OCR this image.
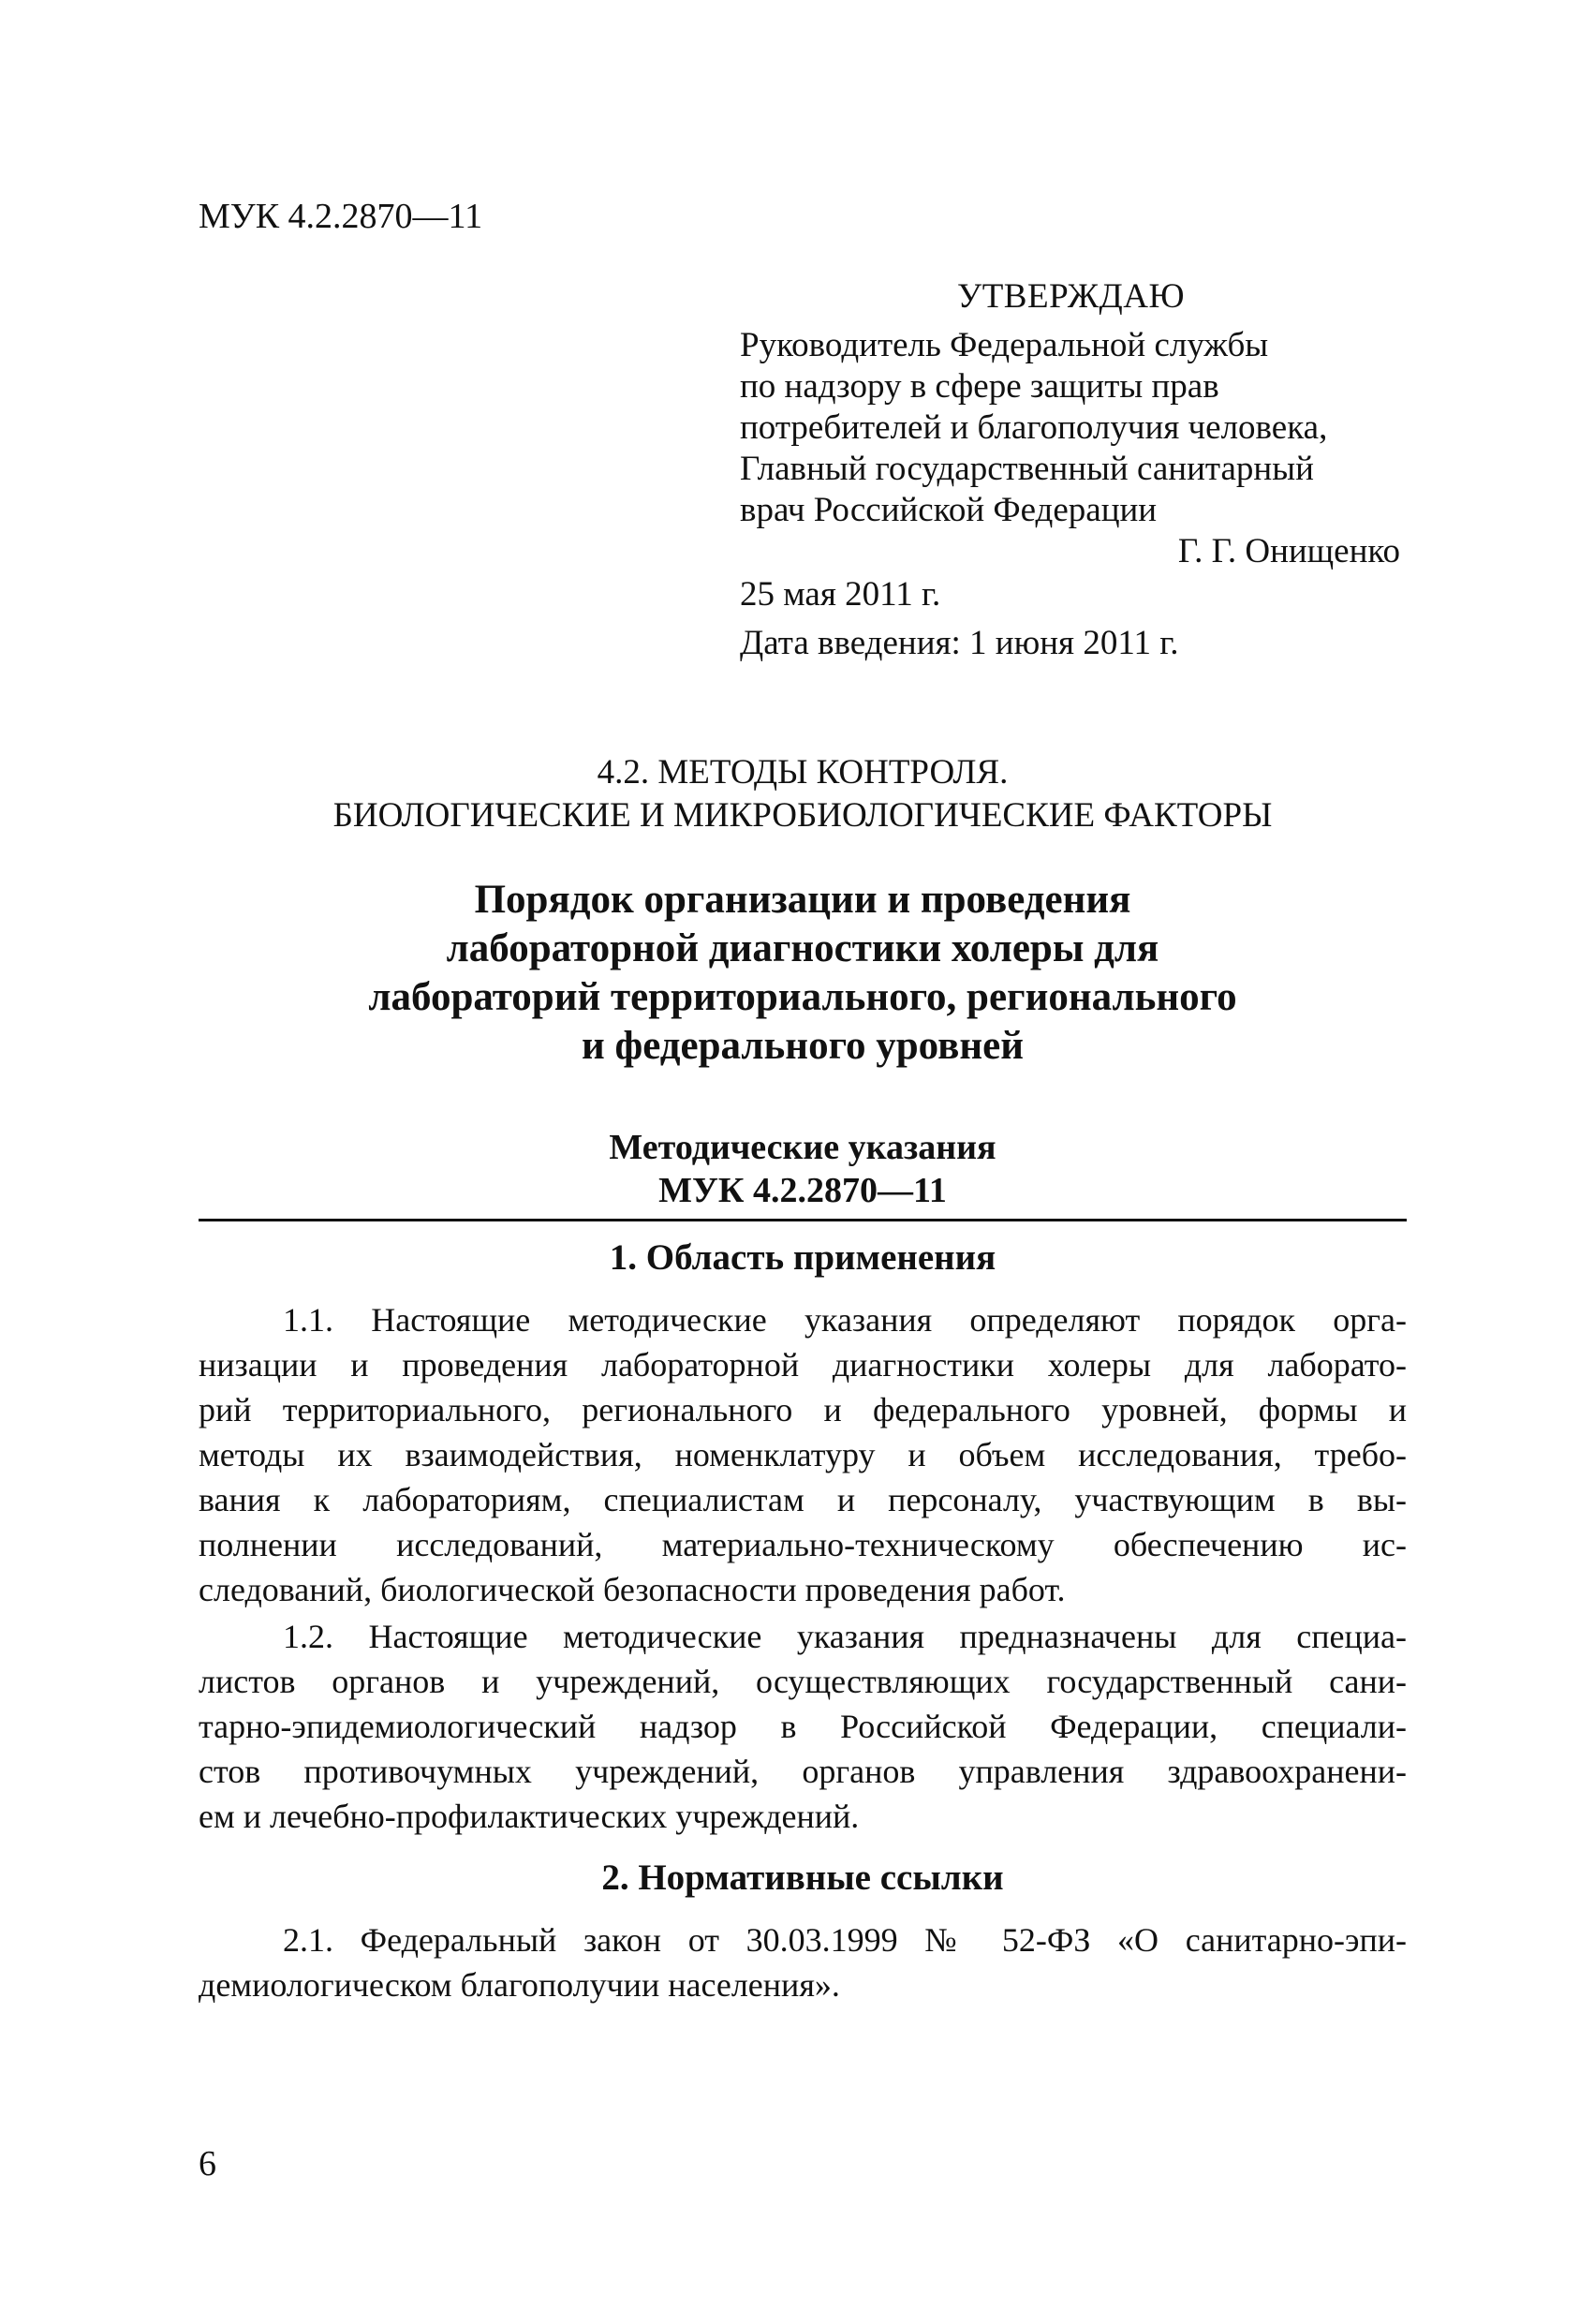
МУК 4.2.2870—11
УТВЕРЖДАЮ
Руководитель Федеральной службы
по надзору в сфере защиты прав
потребителей и благополучия человека,
Главный государственный санитарный
врач Российской Федерации
Г. Г. Онищенко
25 мая 2011 г.
Дата введения: 1 июня 2011 г.
4.2. МЕТОДЫ КОНТРОЛЯ.
БИОЛОГИЧЕСКИЕ И МИКРОБИОЛОГИЧЕСКИЕ ФАКТОРЫ
Порядок организации и проведения
лабораторной диагностики холеры для
лабораторий территориального, регионального
и федерального уровней
Методические указания
МУК 4.2.2870—11
1. Область применения
1.1. Настоящие методические указания определяют порядок орга-
низации и проведения лабораторной диагностики холеры для лаборато-
рий территориального, регионального и федерального уровней, формы и
методы их взаимодействия, номенклатуру и объем исследования, требо-
вания к лабораториям, специалистам и персоналу, участвующим в вы-
полнении исследований, материально-техническому обеспечению ис-
следований, биологической безопасности проведения работ.
1.2. Настоящие методические указания предназначены для специа-
листов органов и учреждений, осуществляющих государственный сани-
тарно-эпидемиологический надзор в Российской Федерации, специали-
стов противочумных учреждений, органов управления здравоохранени-
ем и лечебно-профилактических учреждений.
2. Нормативные ссылки
2.1. Федеральный закон от 30.03.1999 № 52-ФЗ «О санитарно-эпи-
демиологическом благополучии населения».
6
